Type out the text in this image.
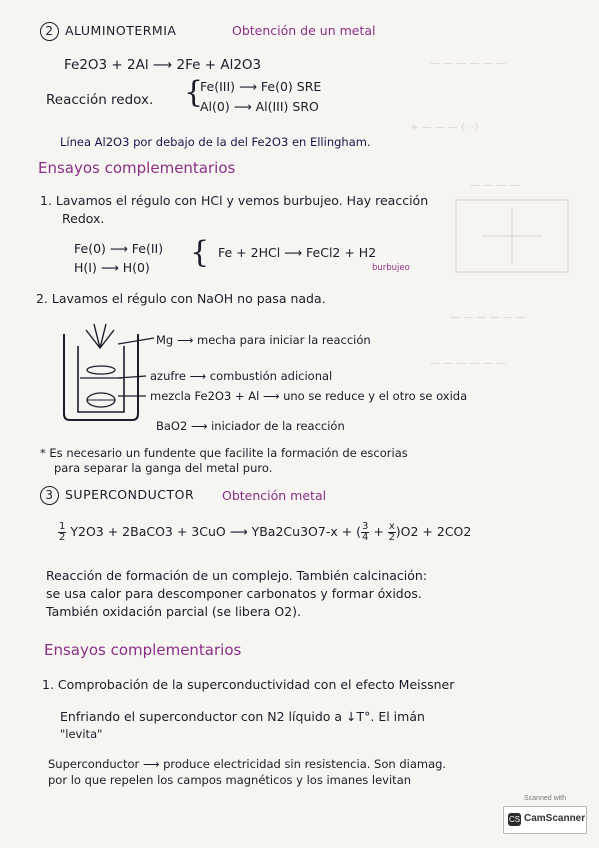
— — — — — —
+ — — — (· ·)
— — — —
— — — — — —
— — — — — —
2 ALUMINOTERMIA	Obtención de un metal
Fe2O3 + 2Al ⟶ 2Fe + Al2O3
Reacción redox. {
Fe(III) ⟶ Fe(0) SRE
Al(0) ⟶ Al(III) SRO
Línea Al2O3 por debajo de la del Fe2O3 en Ellingham.
Ensayos complementarios
1. Lavamos el régulo con HCl y vemos burbujeo. Hay reacción
Redox.
Fe(0) ⟶ Fe(II)
H(I) ⟶ H(0) { Fe + 2HCl ⟶ FeCl2 + H2
burbujeo
2. Lavamos el régulo con NaOH no pasa nada.
Mg ⟶ mecha para iniciar la reacción
azufre ⟶ combustión adicional
mezcla Fe2O3 + Al ⟶ uno se reduce y el otro se oxida
BaO2 ⟶ iniciador de la reacción
* Es necesario un fundente que facilite la formación de escorias
para separar la ganga del metal puro.
3 SUPERCONDUCTOR Obtención metal
$\frac{1}{2} Y2O3$ + 2BaCO3 + 3CuO ⟶ YBa2Cu3O7-x + ( $\frac{3}{4} + \frac{x}{2} )O2 + 2CO2$
Reacción de formación de un complejo. También calcinación:
se usa calor para descomponer carbonatos y formar óxidos.
También oxidación parcial (se libera O2).
Ensayos complementarios
1. Comprobación de la superconductividad con el efecto Meissner
Enfriando el superconductor con N2 líquido a ↓T°. El imán
"levita"
Superconductor ⟶ produce electricidad sin resistencia. Son diamag.
por lo que repelen los campos magnéticos y los imanes levitan
Scanned with
CS CamScanner
